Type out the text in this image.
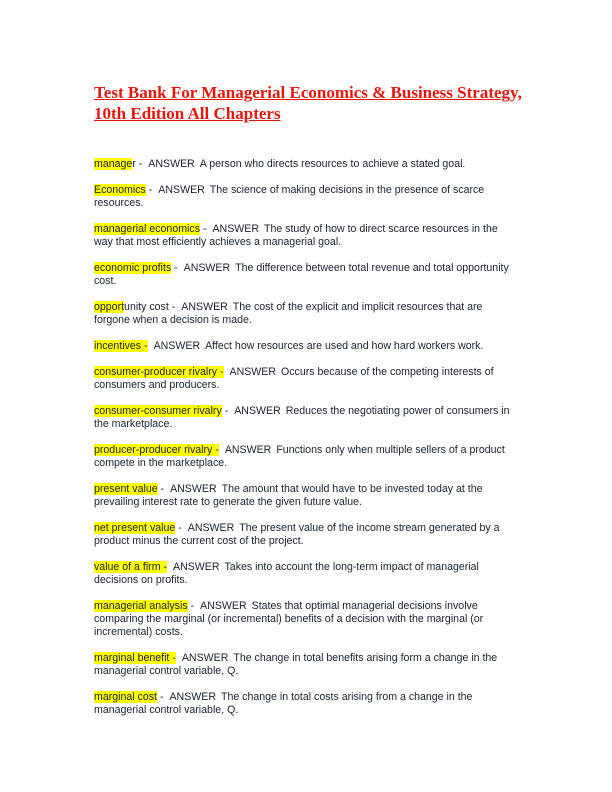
Test Bank For Managerial Economics & Business Strategy, 10th Edition All Chapters

manager - ANSWER A person who directs resources to achieve a stated goal.

Economics - ANSWER The science of making decisions in the presence of scarce resources.

managerial economics - ANSWER The study of how to direct scarce resources in the way that most efficiently achieves a managerial goal.

economic profits - ANSWER The difference between total revenue and total opportunity cost.

opportunity cost - ANSWER The cost of the explicit and implicit resources that are forgone when a decision is made.

incentives - ANSWER Affect how resources are used and how hard workers work.

consumer-producer rivalry - ANSWER Occurs because of the competing interests of consumers and producers.

consumer-consumer rivalry - ANSWER Reduces the negotiating power of consumers in the marketplace.

producer-producer rivalry - ANSWER Functions only when multiple sellers of a product compete in the marketplace.

present value - ANSWER The amount that would have to be invested today at the prevailing interest rate to generate the given future value.

net present value - ANSWER The present value of the income stream generated by a product minus the current cost of the project.

value of a firm - ANSWER Takes into account the long-term impact of managerial decisions on profits.

managerial analysis - ANSWER States that optimal managerial decisions involve comparing the marginal (or incremental) benefits of a decision with the marginal (or incremental) costs.

marginal benefit - ANSWER The change in total benefits arising form a change in the managerial control variable, Q.

marginal cost - ANSWER The change in total costs arising from a change in the managerial control variable, Q.
